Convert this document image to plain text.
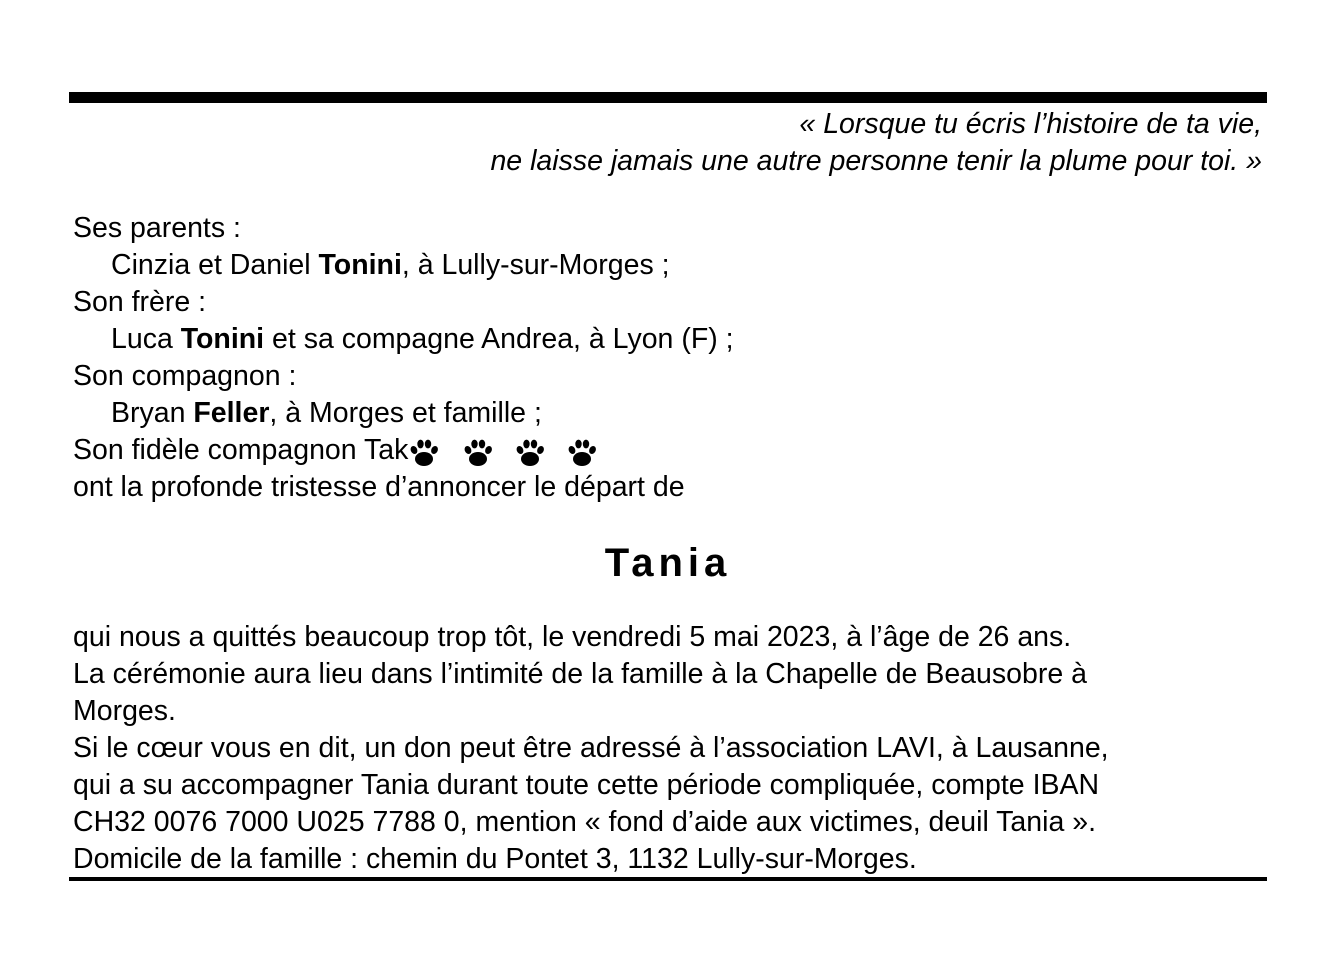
« Lorsque tu écris l’histoire de ta vie,
ne laisse jamais une autre personne tenir la plume pour toi. »
Ses parents :
Cinzia et Daniel Tonini, à Lully-sur-Morges ;
Son frère :
Luca Tonini et sa compagne Andrea, à Lyon (F) ;
Son compagnon :
Bryan Feller, à Morges et famille ;
Son fidèle compagnon Tak
ont la profonde tristesse d’annoncer le départ de
Tania
qui nous a quittés beaucoup trop tôt, le vendredi 5 mai 2023, à l’âge de 26 ans.
La cérémonie aura lieu dans l’intimité de la famille à la Chapelle de Beausobre à
Morges.
Si le cœur vous en dit, un don peut être adressé à l’association LAVI, à Lausanne,
qui a su accompagner Tania durant toute cette période compliquée, compte IBAN
CH32 0076 7000 U025 7788 0, mention « fond d’aide aux victimes, deuil Tania ».
Domicile de la famille : chemin du Pontet 3, 1132 Lully-sur-Morges.
